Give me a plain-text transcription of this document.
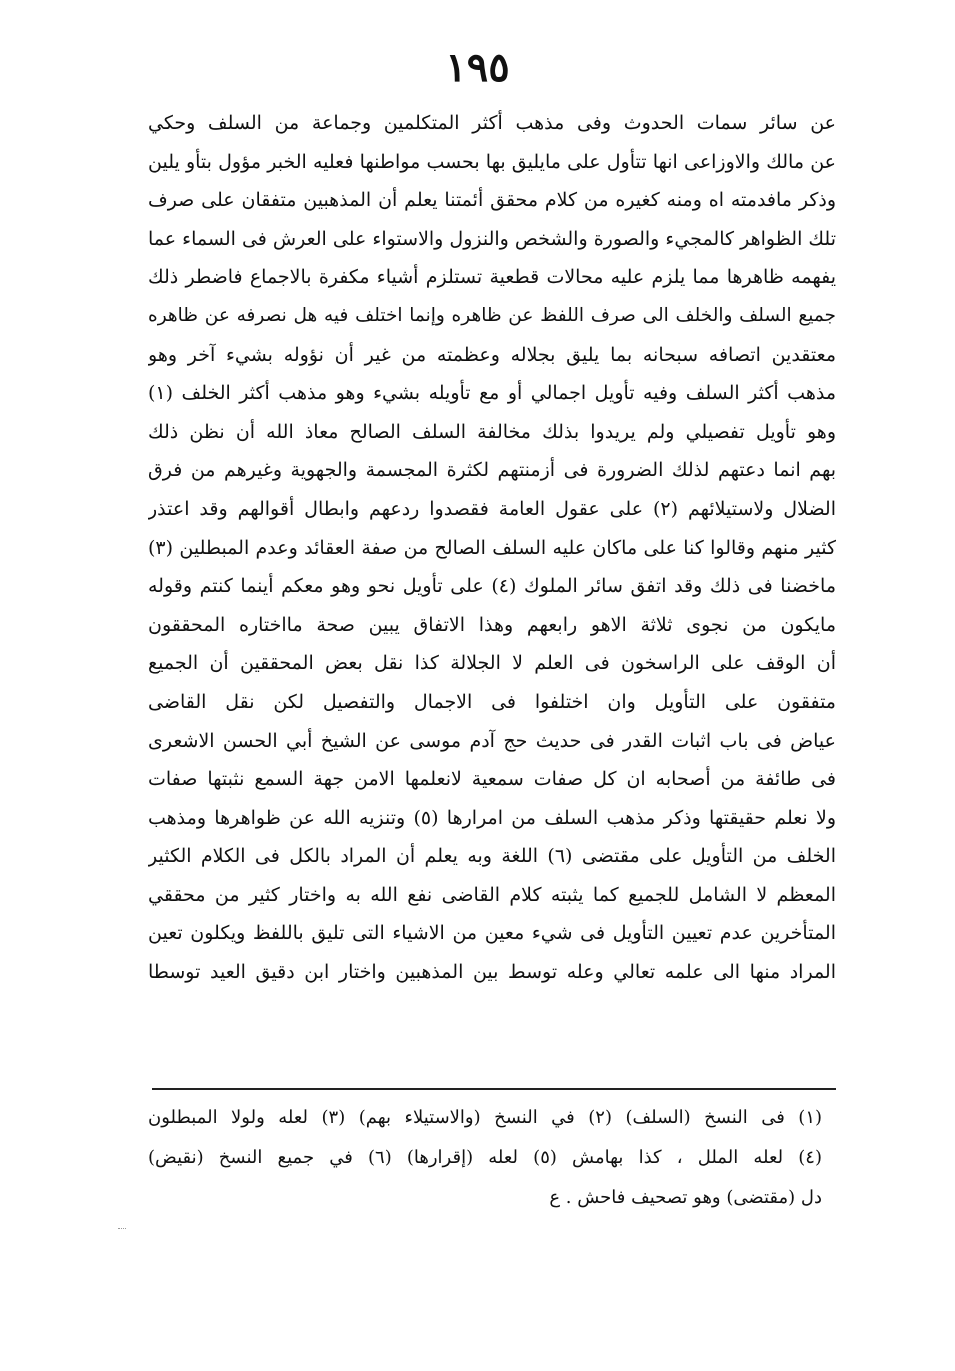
١٩٥
عن سائر سمات الحدوث وفى مذهب أكثر المتكلمين وجماعة من السلف وحكي
عن مالك والاوزاعى انها تتأول على مايليق بها بحسب مواطنها فعليه الخبر مؤول بتأو يلين
وذكر مافدمته اه ومنه كغيره من كلام محقق أئمتنا يعلم أن المذهبين متفقان على صرف
تلك الظواهر كالمجيء والصورة والشخص والنزول والاستواء على العرش فى السماء عما
يفهمه ظاهرها مما يلزم عليه محالات قطعية تستلزم أشياء مكفرة بالاجماع فاضطر ذلك
جميع السلف والخلف الى صرف اللفظ عن ظاهره وإنما اختلف فيه هل نصرفه عن ظاهره
معتقدين اتصافه سبحانه بما يليق بجلاله وعظمته من غير أن نؤوله بشيء آخر وهو
مذهب أكثر السلف وفيه تأويل اجمالي أو مع تأويله بشيء وهو مذهب أكثر الخلف (١)
وهو تأويل تفصيلي ولم يريدوا بذلك مخالفة السلف الصالح معاذ الله أن نظن ذلك
بهم انما دعتهم لذلك الضرورة فى أزمنتهم لكثرة المجسمة والجهوية وغيرهم من فرق
الضلال ولاستيلائهم (٢) على عقول العامة فقصدوا ردعهم وابطال أقوالهم وقد اعتذر
كثير منهم وقالوا كنا على ماكان عليه السلف الصالح من صفة العقائد وعدم المبطلين (٣)
ماخضنا فى ذلك وقد اتفق سائر الملوك (٤) على تأويل نحو وهو معكم أينما كنتم وقوله
مايكون من نجوى ثلاثة الاهو رابعهم وهذا الاتفاق يبين صحة مااختاره المحققون
أن الوقف على الراسخون فى العلم لا الجلالة كذا نقل بعض المحققين أن الجميع
متفقون على التأويل وان اختلفوا فى الاجمال والتفصيل لكن نقل القاضى
عياض فى باب اثبات القدر فى حديث حج آدم موسى عن الشيخ أبي الحسن الاشعرى
فى طائفة من أصحابه ان كل صفات سمعية لانعلمها الامن جهة السمع نثبتها صفات
ولا نعلم حقيقتها وذكر مذهب السلف من امرارها (٥) وتنزيه الله عن ظواهرها ومذهب
الخلف من التأويل على مقتضى (٦) اللغة وبه يعلم أن المراد بالكل فى الكلام الكثير
المعظم لا الشامل للجميع كما يثبته كلام القاضى نفع الله به واختار كثير من محققي
المتأخرين عدم تعيين التأويل فى شيء معين من الاشياء التى تليق باللفظ ويكلون تعين
المراد منها الى علمه تعالي وعله توسط بين المذهبين واختار ابن دقيق العيد توسطا
(١) فى النسخ (السلف) (٢) في النسخ (والاستيلاء بهم) (٣) لعله ولولا المبطلون
(٤) لعله الملل ، كذا بهامش (٥) لعله (إقرارها) (٦) في جميع النسخ (نقيض)
دل (مقتضى) وهو تصحيف فاحش . ع
